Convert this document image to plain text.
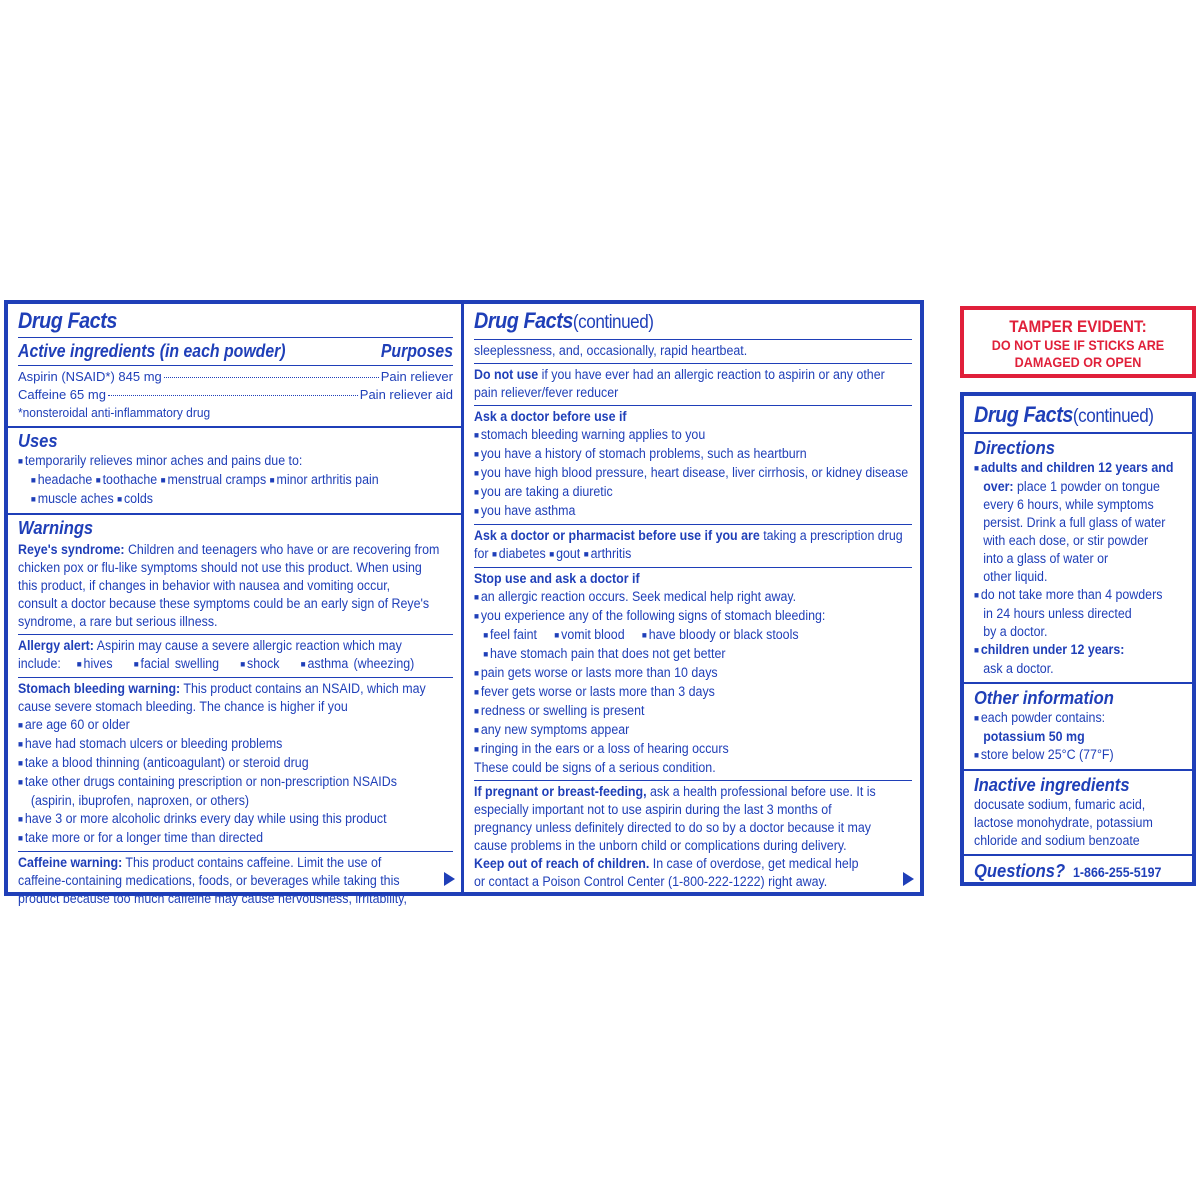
Drug Facts
Active ingredients (in each powder)	Purposes
Aspirin (NSAID*) 845 mg	Pain reliever
Caffeine 65 mg	Pain reliever aid
*nonsteroidal anti-inflammatory drug
Uses
■ temporarily relieves minor aches and pains due to:
■ headache ■ toothache ■ menstrual cramps ■ minor arthritis pain
■ muscle aches ■ colds
Warnings
Reye's syndrome: Children and teenagers who have or are recovering from
chicken pox or flu-like symptoms should not use this product. When using
this product, if changes in behavior with nausea and vomiting occur,
consult a doctor because these symptoms could be an early sign of Reye's
syndrome, a rare but serious illness.
Allergy alert: Aspirin may cause a severe allergic reaction which may
include: ■ hives ■ facial swelling ■ shock ■ asthma (wheezing)
Stomach bleeding warning: This product contains an NSAID, which may
cause severe stomach bleeding. The chance is higher if you
■ are age 60 or older
■ have had stomach ulcers or bleeding problems
■ take a blood thinning (anticoagulant) or steroid drug
■ take other drugs containing prescription or non-prescription NSAIDs
(aspirin, ibuprofen, naproxen, or others)
■ have 3 or more alcoholic drinks every day while using this product
■ take more or for a longer time than directed
Caffeine warning: This product contains caffeine. Limit the use of
caffeine-containing medications, foods, or beverages while taking this
product because too much caffeine may cause nervousness, irritability,
Drug Facts(continued)
sleeplessness, and, occasionally, rapid heartbeat.
Do not use if you have ever had an allergic reaction to aspirin or any other
pain reliever/fever reducer
Ask a doctor before use if
■ stomach bleeding warning applies to you
■ you have a history of stomach problems, such as heartburn
■ you have high blood pressure, heart disease, liver cirrhosis, or kidney disease
■ you are taking a diuretic
■ you have asthma
Ask a doctor or pharmacist before use if you are taking a prescription drug
for ■ diabetes ■ gout ■ arthritis
Stop use and ask a doctor if
■ an allergic reaction occurs. Seek medical help right away.
■ you experience any of the following signs of stomach bleeding:
■ feel faint ■ vomit blood ■ have bloody or black stools
■ have stomach pain that does not get better
■ pain gets worse or lasts more than 10 days
■ fever gets worse or lasts more than 3 days
■ redness or swelling is present
■ any new symptoms appear
■ ringing in the ears or a loss of hearing occurs
These could be signs of a serious condition.
If pregnant or breast-feeding, ask a health professional before use. It is
especially important not to use aspirin during the last 3 months of
pregnancy unless definitely directed to do so by a doctor because it may
cause problems in the unborn child or complications during delivery.
Keep out of reach of children. In case of overdose, get medical help
or contact a Poison Control Center (1-800-222-1222) right away.
TAMPER EVIDENT:
DO NOT USE IF STICKS ARE
DAMAGED OR OPEN
Drug Facts(continued)
Directions
■ adults and children 12 years and
over: place 1 powder on tongue
every 6 hours, while symptoms
persist. Drink a full glass of water
with each dose, or stir powder
into a glass of water or
other liquid.
■ do not take more than 4 powders
in 24 hours unless directed
by a doctor.
■ children under 12 years:
ask a doctor.
Other information
■ each powder contains:
potassium 50 mg
■ store below 25°C (77°F)
Inactive ingredients
docusate sodium, fumaric acid,
lactose monohydrate, potassium
chloride and sodium benzoate
Questions? 1-866-255-5197
